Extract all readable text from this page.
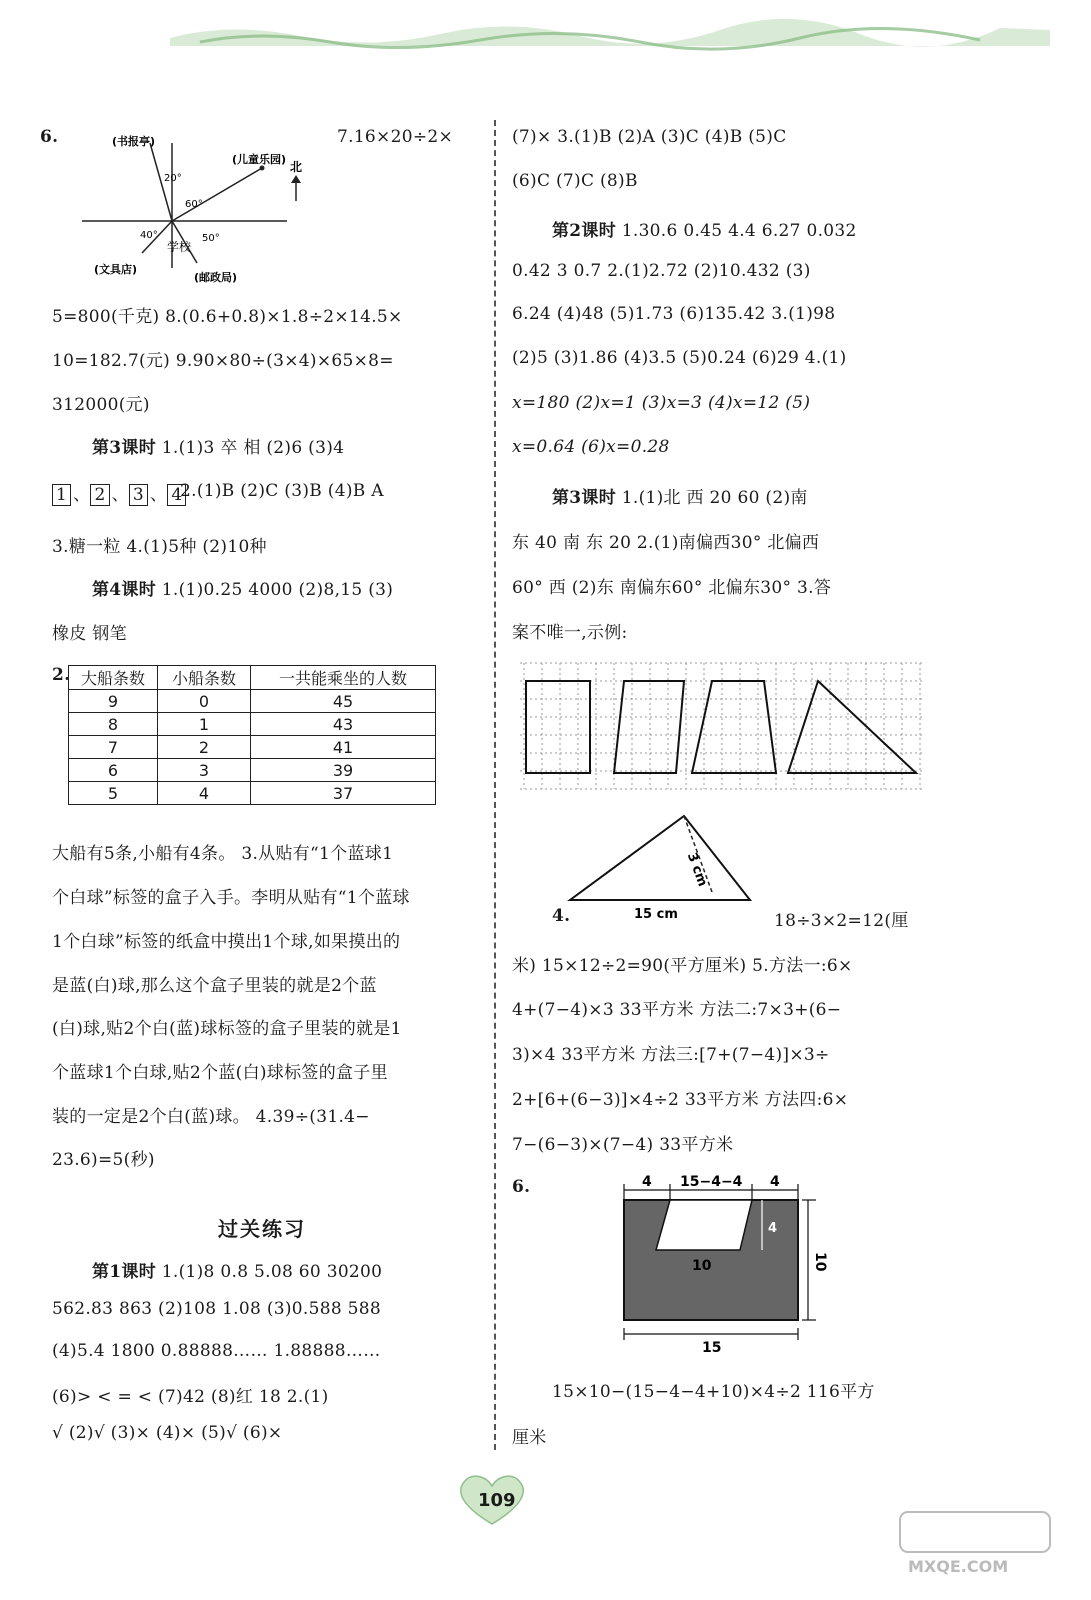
6.	(书报亭)
(儿童乐园)
20°
60°
40°	50°
学校
(文具店)
(邮政局)
北
7.16×20÷2×
5=800(千克) 8.(0.6+0.8)×1.8÷2×14.5×
10=182.7(元) 9.90×80÷(3×4)×65×8=
312000(元)
第3课时 1.(1)3 卒 相 (2)6 (3)4
1 、 2 、 3 、 4
2.(1)B (2)C (3)B (4)B A
3.糖一粒 4.(1)5种 (2)10种
第4课时 1.(1)0.25 4000 (2)8,15 (3)
橡皮 钢笔
2. 大船条数	小船条数	一共能乘坐的人数
9	0	45
8	1	43
7	2	41
6	3	39
5	4	37
大船有5条,小船有4条。 3.从贴有“1个蓝球1
个白球”标签的盒子入手。李明从贴有“1个蓝球
1个白球”标签的纸盒中摸出1个球,如果摸出的
是蓝(白)球,那么这个盒子里装的就是2个蓝
(白)球,贴2个白(蓝)球标签的盒子里装的就是1
个蓝球1个白球,贴2个蓝(白)球标签的盒子里
装的一定是2个白(蓝)球。 4.39÷(31.4−
23.6)=5(秒)
过关练习
第1课时 1.(1)8 0.8 5.08 60 30200
562.83 863 (2)108 1.08 (3)0.588 588
(4)5.4 1800 0.88888…… 1.88888……
(6)> < = < (7)42 (8)红 18 2.(1)
√ (2)√ (3)× (4)× (5)√ (6)×
(7)× 3.(1)B (2)A (3)C (4)B (5)C
(6)C (7)C (8)B
第2课时 1.30.6 0.45 4.4 6.27 0.032
0.42 3 0.7 2.(1)2.72 (2)10.432 (3)
6.24 (4)48 (5)1.73 (6)135.42 3.(1)98
(2)5 (3)1.86 (4)3.5 (5)0.24 (6)29 4.(1)
x=180 (2)x=1 (3)x=3 (4)x=12 (5)
x=0.64 (6)x=0.28
第3课时 1.(1)北 西 20 60 (2)南
东 40 南 东 20 2.(1)南偏西30° 北偏西
60° 西 (2)东 南偏东60° 北偏东30° 3.答
案不唯一,示例:
3 cm
15 cm
4.	18÷3×2=12(厘
米) 15×12÷2=90(平方厘米) 5.方法一:6×
4+(7−4)×3 33平方米 方法二:7×3+(6−
3)×4 33平方米 方法三:[7+(7−4)]×3÷
2+[6+(6−3)]×4÷2 33平方米 方法四:6×
7−(6−3)×(7−4) 33平方米
6.	4 15−4−4 4
4
10	10
15
15×10−(15−4−4+10)×4÷2 116平方
厘米
109
MXQE.COM
